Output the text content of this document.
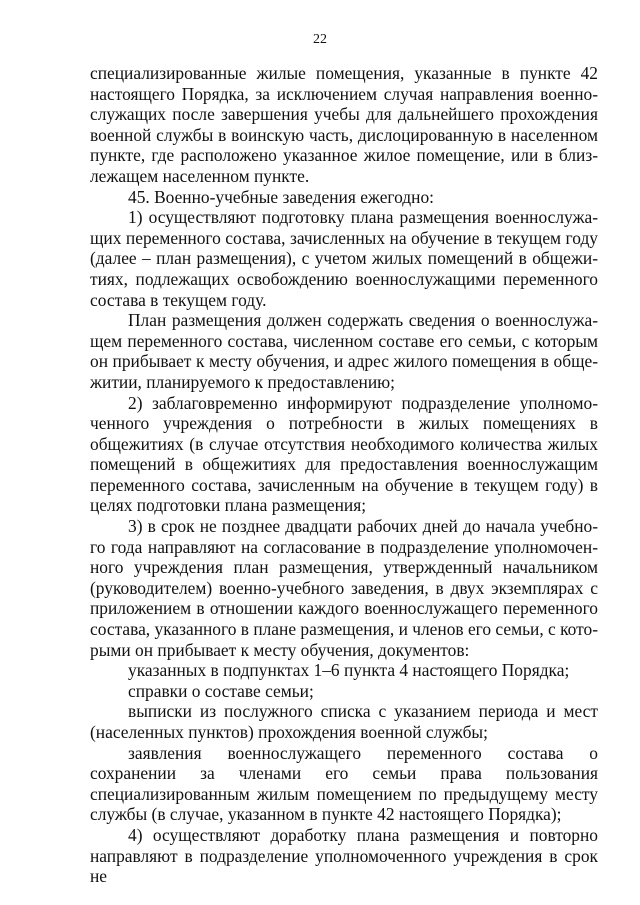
22

специализированные жилые помещения, указанные в пункте 42 настоящего Порядка, за исключением случая направления военнослужащих после завершения учебы для дальнейшего прохождения военной службы в воинскую часть, дислоцированную в населенном пункте, где расположено указанное жилое помещение, или в близлежащем населенном пункте.

45. Военно-учебные заведения ежегодно:

1) осуществляют подготовку плана размещения военнослужащих переменного состава, зачисленных на обучение в текущем году (далее – план размещения), с учетом жилых помещений в общежитиях, подлежащих освобождению военнослужащими переменного состава в текущем году.

План размещения должен содержать сведения о военнослужащем переменного состава, численном составе его семьи, с которым он прибывает к месту обучения, и адрес жилого помещения в общежитии, планируемого к предоставлению;

2) заблаговременно информируют подразделение уполномоченного учреждения о потребности в жилых помещениях в общежитиях (в случае отсутствия необходимого количества жилых помещений в общежитиях для предоставления военнослужащим переменного состава, зачисленным на обучение в текущем году) в целях подготовки плана размещения;

3) в срок не позднее двадцати рабочих дней до начала учебного года направляют на согласование в подразделение уполномоченного учреждения план размещения, утвержденный начальником (руководителем) военно-учебного заведения, в двух экземплярах с приложением в отношении каждого военнослужащего переменного состава, указанного в плане размещения, и членов его семьи, с которыми он прибывает к месту обучения, документов:

указанных в подпунктах 1–6 пункта 4 настоящего Порядка;

справки о составе семьи;

выписки из послужного списка с указанием периода и мест (населенных пунктов) прохождения военной службы;

заявления военнослужащего переменного состава о сохранении за членами его семьи права пользования специализированным жилым помещением по предыдущему месту службы (в случае, указанном в пункте 42 настоящего Порядка);

4) осуществляют доработку плана размещения и повторно направляют в подразделение уполномоченного учреждения в срок не
